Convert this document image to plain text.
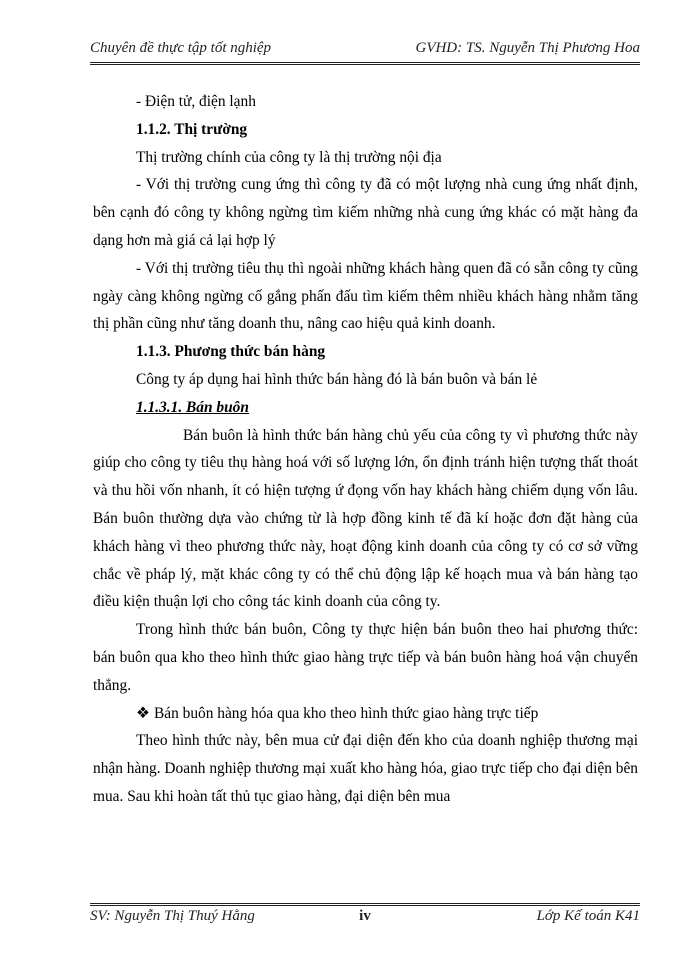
Chuyên đề thực tập tốt nghiệp	GVHD: TS. Nguyễn Thị Phương Hoa

- Điện tử, điện lạnh

1.1.2. Thị trường

Thị trường chính của công ty là thị trường nội địa

- Với thị trường cung ứng thì công ty đã có một lượng nhà cung ứng nhất định, bên cạnh đó công ty không ngừng tìm kiếm những nhà cung ứng khác có mặt hàng đa dạng hơn mà giá cả lại hợp lý

- Với thị trường tiêu thụ thì ngoài những khách hàng quen đã có sẵn công ty cũng ngày càng không ngừng cố gắng phấn đấu tìm kiếm thêm nhiều khách hàng nhằm tăng thị phần cũng như tăng doanh thu, nâng cao hiệu quả kinh doanh.

1.1.3. Phương thức bán hàng

Công ty áp dụng hai hình thức bán hàng đó là bán buôn và bán lẻ

1.1.3.1. Bán buôn

Bán buôn là hình thức bán hàng chủ yếu của công ty vì phương thức này giúp cho công ty tiêu thụ hàng hoá với số lượng lớn, ổn định tránh hiện tượng thất thoát và thu hồi vốn nhanh, ít có hiện tượng ứ đọng vốn hay khách hàng chiếm dụng vốn lâu. Bán buôn thường dựa vào chứng từ là hợp đồng kinh tế đã kí hoặc đơn đặt hàng của khách hàng vì theo phương thức này, hoạt động kinh doanh của công ty có cơ sở vững chắc về pháp lý, mặt khác công ty có thể chủ động lập kế hoạch mua và bán hàng tạo điều kiện thuận lợi cho công tác kinh doanh của công ty.

Trong hình thức bán buôn, Công ty thực hiện bán buôn theo hai phương thức: bán buôn qua kho theo hình thức giao hàng trực tiếp và bán buôn hàng hoá vận chuyển thẳng.

❖ Bán buôn hàng hóa qua kho theo hình thức giao hàng trực tiếp

Theo hình thức này, bên mua cử đại diện đến kho của doanh nghiệp thương mại nhận hàng. Doanh nghiệp thương mại xuất kho hàng hóa, giao trực tiếp cho đại diện bên mua. Sau khi hoàn tất thủ tục giao hàng, đại diện bên mua

SV: Nguyễn Thị Thuý Hằng	iv	Lớp Kế toán K41
